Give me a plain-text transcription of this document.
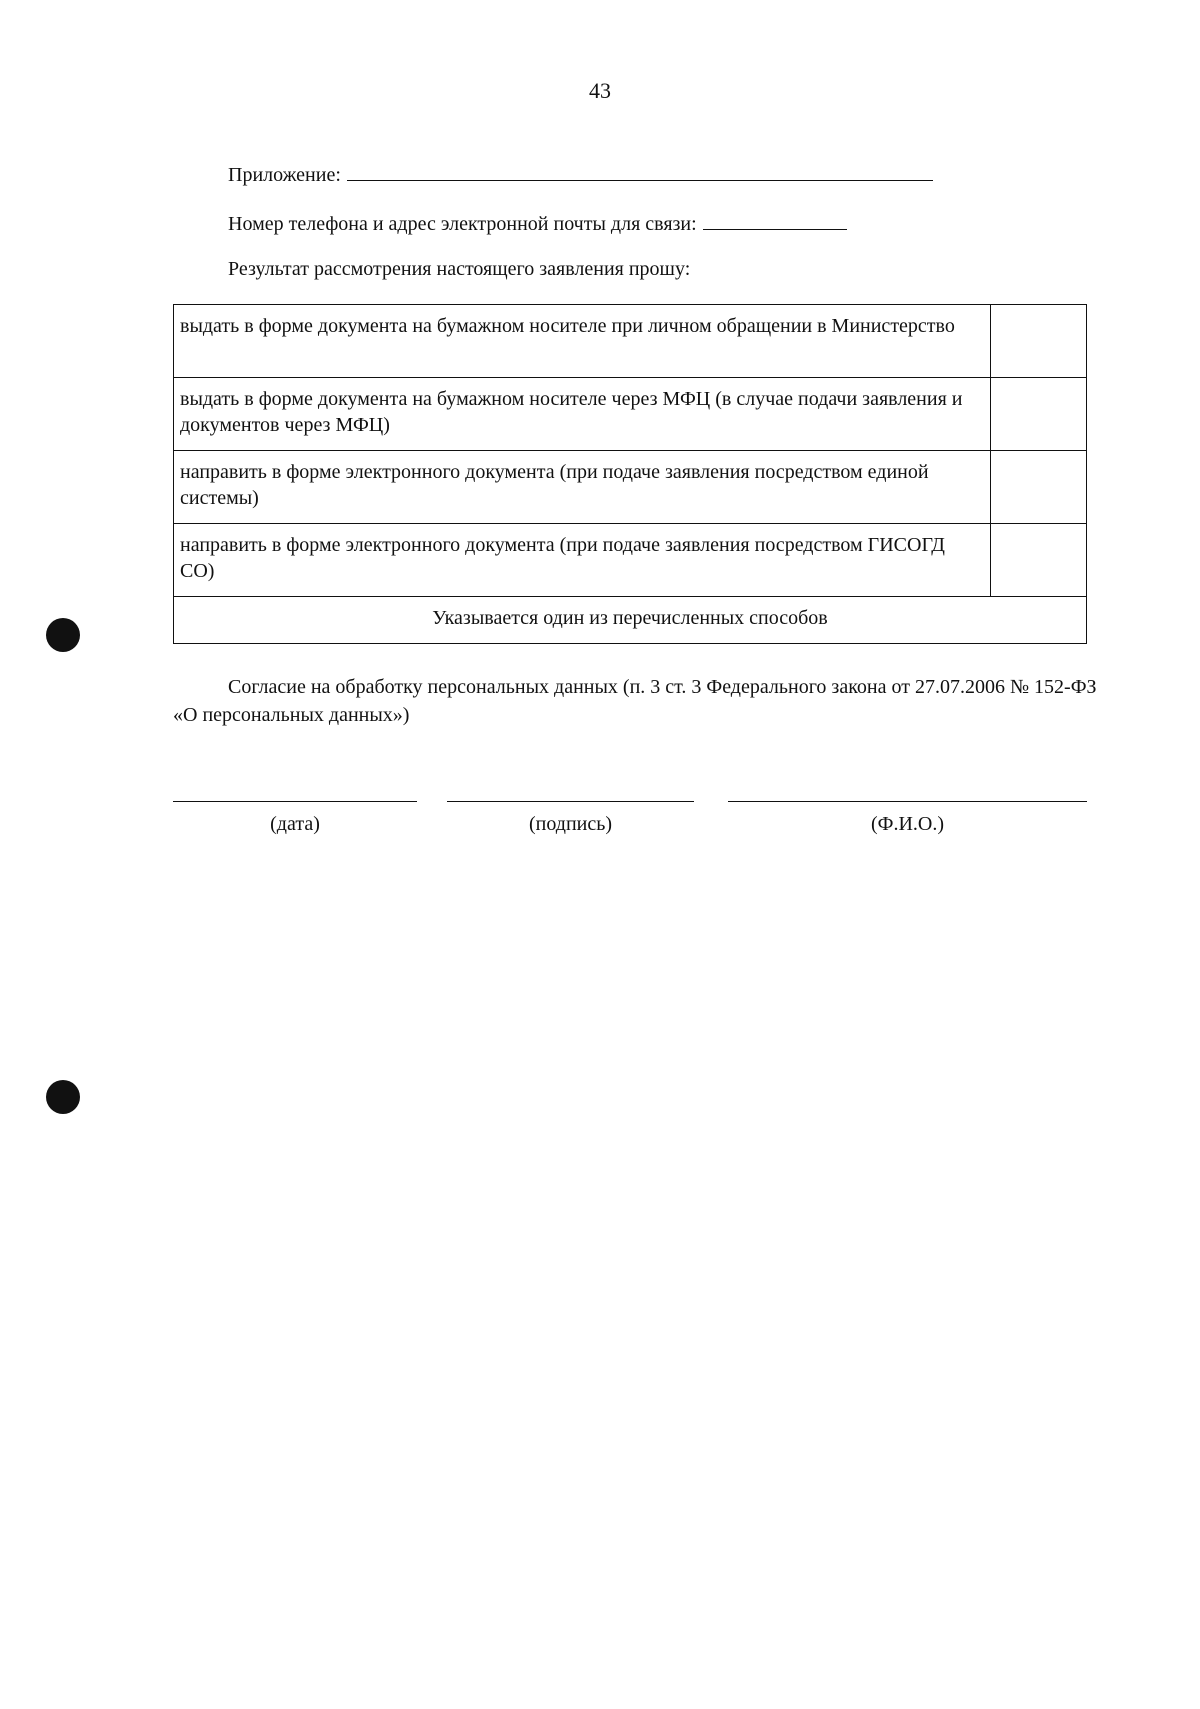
43
Приложение:
Номер телефона и адрес электронной почты для связи:
Результат рассмотрения настоящего заявления прошу:
выдать в форме документа на бумажном носителе при личном обращении в Министерство	
выдать в форме документа на бумажном носителе через МФЦ (в случае подачи заявления и документов через МФЦ)	
направить в форме электронного документа (при подаче заявления посредством единой системы)	
направить в форме электронного документа (при подаче заявления посредством ГИСОГД СО)	
Указывается один из перечисленных способов	
Согласие на обработку персональных данных (п. 3 ст. 3 Федерального закона от 27.07.2006 № 152-ФЗ «О персональных данных»)
(дата)	(подпись)	(Ф.И.О.)
